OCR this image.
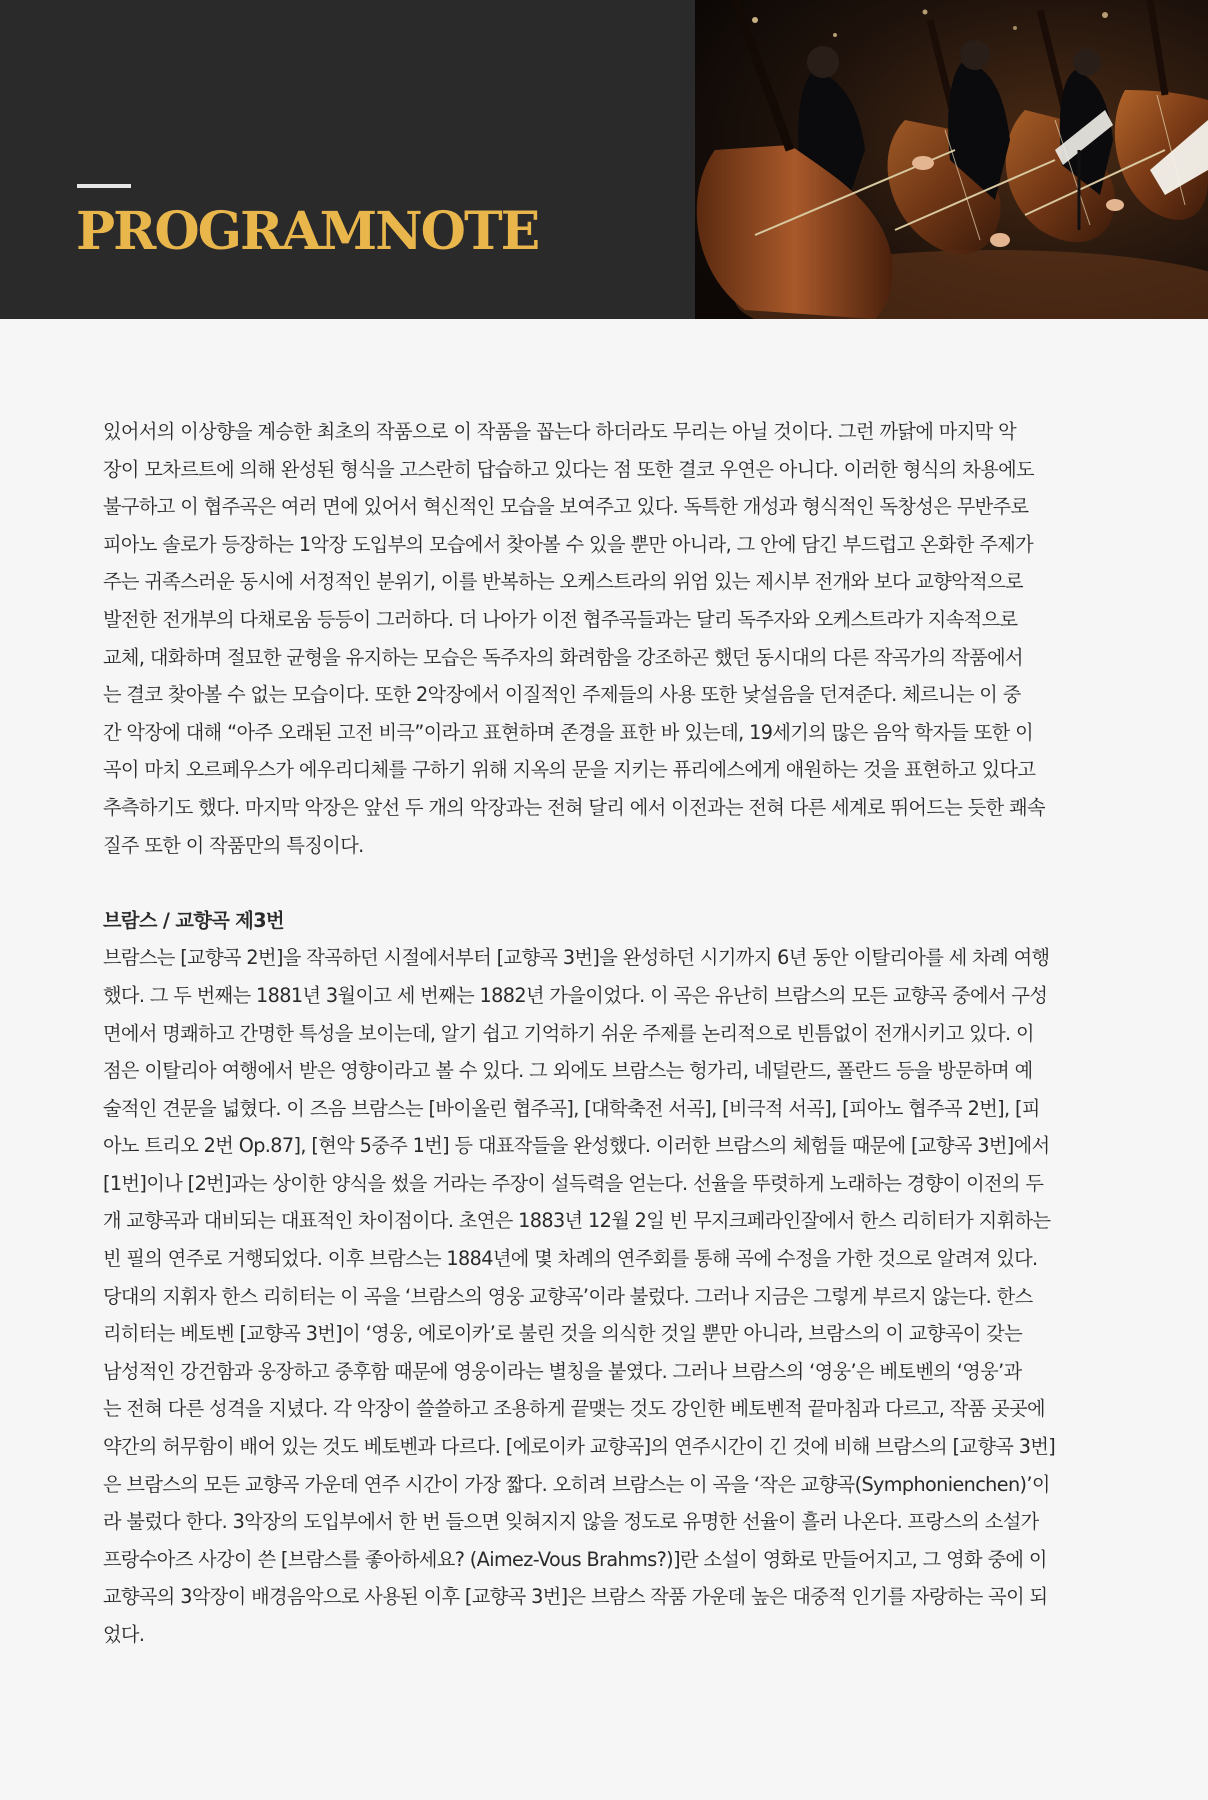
PROGRAMNOTE

있어서의 이상향을 계승한 최초의 작품으로 이 작품을 꼽는다 하더라도 무리는 아닐 것이다. 그런 까닭에 마지막 악
장이 모차르트에 의해 완성된 형식을 고스란히 답습하고 있다는 점 또한 결코 우연은 아니다. 이러한 형식의 차용에도
불구하고 이 협주곡은 여러 면에 있어서 혁신적인 모습을 보여주고 있다. 독특한 개성과 형식적인 독창성은 무반주로
피아노 솔로가 등장하는 1악장 도입부의 모습에서 찾아볼 수 있을 뿐만 아니라, 그 안에 담긴 부드럽고 온화한 주제가
주는 귀족스러운 동시에 서정적인 분위기, 이를 반복하는 오케스트라의 위엄 있는 제시부 전개와 보다 교향악적으로
발전한 전개부의 다채로움 등등이 그러하다. 더 나아가 이전 협주곡들과는 달리 독주자와 오케스트라가 지속적으로
교체, 대화하며 절묘한 균형을 유지하는 모습은 독주자의 화려함을 강조하곤 했던 동시대의 다른 작곡가의 작품에서
는 결코 찾아볼 수 없는 모습이다. 또한 2악장에서 이질적인 주제들의 사용 또한 낯설음을 던져준다. 체르니는 이 중
간 악장에 대해 “아주 오래된 고전 비극”이라고 표현하며 존경을 표한 바 있는데, 19세기의 많은 음악 학자들 또한 이
곡이 마치 오르페우스가 에우리디체를 구하기 위해 지옥의 문을 지키는 퓨리에스에게 애원하는 것을 표현하고 있다고
추측하기도 했다. 마지막 악장은 앞선 두 개의 악장과는 전혀 달리 에서 이전과는 전혀 다른 세계로 뛰어드는 듯한 쾌속
질주 또한 이 작품만의 특징이다.

브람스 / 교향곡 제3번

브람스는 [교향곡 2번]을 작곡하던 시절에서부터 [교향곡 3번]을 완성하던 시기까지 6년 동안 이탈리아를 세 차례 여행
했다. 그 두 번째는 1881년 3월이고 세 번째는 1882년 가을이었다. 이 곡은 유난히 브람스의 모든 교향곡 중에서 구성
면에서 명쾌하고 간명한 특성을 보이는데, 알기 쉽고 기억하기 쉬운 주제를 논리적으로 빈틈없이 전개시키고 있다. 이
점은 이탈리아 여행에서 받은 영향이라고 볼 수 있다. 그 외에도 브람스는 헝가리, 네덜란드, 폴란드 등을 방문하며 예
술적인 견문을 넓혔다. 이 즈음 브람스는 [바이올린 협주곡], [대학축전 서곡], [비극적 서곡], [피아노 협주곡 2번], [피
아노 트리오 2번 Op.87], [현악 5중주 1번] 등 대표작들을 완성했다. 이러한 브람스의 체험들 때문에 [교향곡 3번]에서
[1번]이나 [2번]과는 상이한 양식을 썼을 거라는 주장이 설득력을 얻는다. 선율을 뚜렷하게 노래하는 경향이 이전의 두
개 교향곡과 대비되는 대표적인 차이점이다. 초연은 1883년 12월 2일 빈 무지크페라인잘에서 한스 리히터가 지휘하는
빈 필의 연주로 거행되었다. 이후 브람스는 1884년에 몇 차례의 연주회를 통해 곡에 수정을 가한 것으로 알려져 있다.
당대의 지휘자 한스 리히터는 이 곡을 ‘브람스의 영웅 교향곡’이라 불렀다. 그러나 지금은 그렇게 부르지 않는다. 한스
리히터는 베토벤 [교향곡 3번]이 ‘영웅, 에로이카’로 불린 것을 의식한 것일 뿐만 아니라, 브람스의 이 교향곡이 갖는
남성적인 강건함과 웅장하고 중후함 때문에 영웅이라는 별칭을 붙였다. 그러나 브람스의 ‘영웅’은 베토벤의 ‘영웅’과
는 전혀 다른 성격을 지녔다. 각 악장이 쓸쓸하고 조용하게 끝맺는 것도 강인한 베토벤적 끝마침과 다르고, 작품 곳곳에
약간의 허무함이 배어 있는 것도 베토벤과 다르다. [에로이카 교향곡]의 연주시간이 긴 것에 비해 브람스의 [교향곡 3번]
은 브람스의 모든 교향곡 가운데 연주 시간이 가장 짧다. 오히려 브람스는 이 곡을 ‘작은 교향곡(Symphonienchen)’이
라 불렀다 한다. 3악장의 도입부에서 한 번 들으면 잊혀지지 않을 정도로 유명한 선율이 흘러 나온다. 프랑스의 소설가
프랑수아즈 사강이 쓴 [브람스를 좋아하세요? (Aimez-Vous Brahms?)]란 소설이 영화로 만들어지고, 그 영화 중에 이
교향곡의 3악장이 배경음악으로 사용된 이후 [교향곡 3번]은 브람스 작품 가운데 높은 대중적 인기를 자랑하는 곡이 되
었다.
